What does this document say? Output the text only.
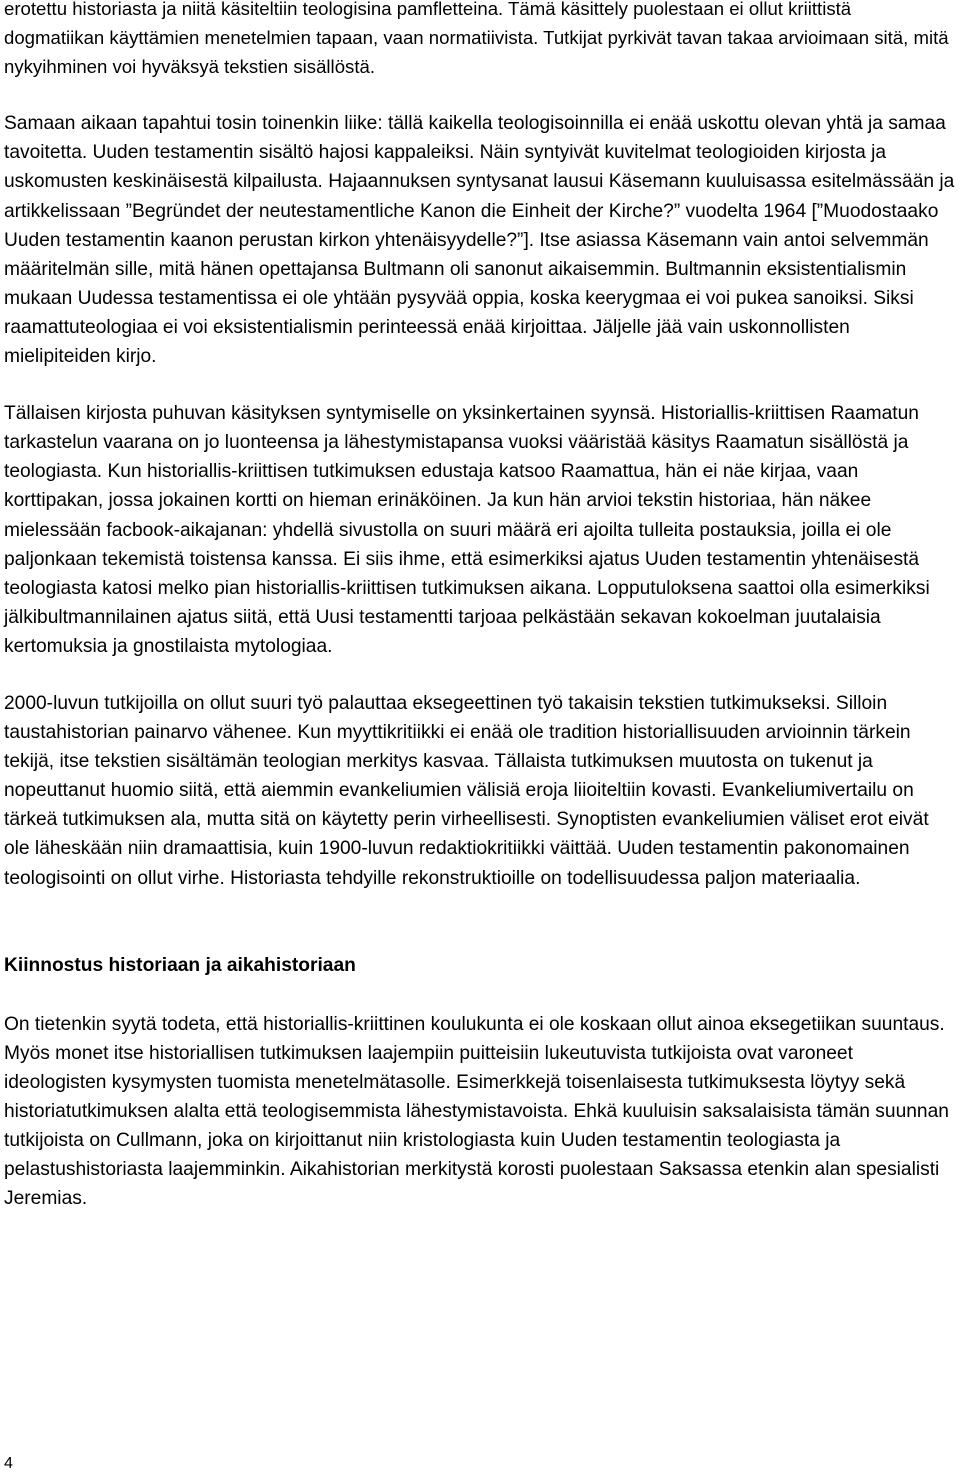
erotettu historiasta ja niitä käsiteltiin teologisina pamfletteina. Tämä käsittely puolestaan ei ollut kriittistä dogmatiikan käyttämien menetelmien tapaan, vaan normatiivista. Tutkijat pyrkivät tavan takaa arvioimaan sitä, mitä nykyihminen voi hyväksyä tekstien sisällöstä.

Samaan aikaan tapahtui tosin toinenkin liike: tällä kaikella teologisoinnilla ei enää uskottu olevan yhtä ja samaa tavoitetta. Uuden testamentin sisältö hajosi kappaleiksi. Näin syntyivät kuvitelmat teologioiden kirjosta ja uskomusten keskinäisestä kilpailusta. Hajaannuksen syntysanat lausui Käsemann kuuluisassa esitelmässään ja artikkelissaan ”Begründet der neutestamentliche Kanon die Einheit der Kirche?” vuodelta 1964 [”Muodostaako Uuden testamentin kaanon perustan kirkon yhtenäisyydelle?”]. Itse asiassa Käsemann vain antoi selvemmän määritelmän sille, mitä hänen opettajansa Bultmann oli sanonut aikaisemmin. Bultmannin eksistentialismin mukaan Uudessa testamentissa ei ole yhtään pysyvää oppia, koska keerygmaa ei voi pukea sanoiksi. Siksi raamattuteologiaa ei voi eksistentialismin perinteessä enää kirjoittaa. Jäljelle jää vain uskonnollisten mielipiteiden kirjo.

Tällaisen kirjosta puhuvan käsityksen syntymiselle on yksinkertainen syynsä. Historiallis-kriittisen Raamatun tarkastelun vaarana on jo luonteensa ja lähestymistapansa vuoksi vääristää käsitys Raamatun sisällöstä ja teologiasta. Kun historiallis-kriittisen tutkimuksen edustaja katsoo Raamattua, hän ei näe kirjaa, vaan korttipakan, jossa jokainen kortti on hieman erinäköinen. Ja kun hän arvioi tekstin historiaa, hän näkee mielessään facbook-aikajanan: yhdellä sivustolla on suuri määrä eri ajoilta tulleita postauksia, joilla ei ole paljonkaan tekemistä toistensa kanssa. Ei siis ihme, että esimerkiksi ajatus Uuden testamentin yhtenäisestä teologiasta katosi melko pian historiallis-kriittisen tutkimuksen aikana. Lopputuloksena saattoi olla esimerkiksi jälkibultmannilainen ajatus siitä, että Uusi testamentti tarjoaa pelkästään sekavan kokoelman juutalaisia kertomuksia ja gnostilaista mytologiaa.

2000-luvun tutkijoilla on ollut suuri työ palauttaa eksegeettinen työ takaisin tekstien tutkimukseksi. Silloin taustahistorian painarvo vähenee. Kun myyttikritiikki ei enää ole tradition historiallisuuden arvioinnin tärkein tekijä, itse tekstien sisältämän teologian merkitys kasvaa. Tällaista tutkimuksen muutosta on tukenut ja nopeuttanut huomio siitä, että aiemmin evankeliumien välisiä eroja liioiteltiin kovasti. Evankeliumivertailu on tärkeä tutkimuksen ala, mutta sitä on käytetty perin virheellisesti. Synoptisten evankeliumien väliset erot eivät ole läheskään niin dramaattisia, kuin 1900-luvun redaktiokritiikki väittää. Uuden testamentin pakonomainen teologisointi on ollut virhe. Historiasta tehdyille rekonstruktioille on todellisuudessa paljon materiaalia.

Kiinnostus historiaan ja aikahistoriaan

On tietenkin syytä todeta, että historiallis-kriittinen koulukunta ei ole koskaan ollut ainoa eksegetiikan suuntaus. Myös monet itse historiallisen tutkimuksen laajempiin puitteisiin lukeutuvista tutkijoista ovat varoneet ideologisten kysymysten tuomista menetelmätasolle. Esimerkkejä toisenlaisesta tutkimuksesta löytyy sekä historiatutkimuksen alalta että teologisemmista lähestymistavoista. Ehkä kuuluisin saksalaisista tämän suunnan tutkijoista on Cullmann, joka on kirjoittanut niin kristologiasta kuin Uuden testamentin teologiasta ja pelastushistoriasta laajemminkin. Aikahistorian merkitystä korosti puolestaan Saksassa etenkin alan spesialisti Jeremias.

4
